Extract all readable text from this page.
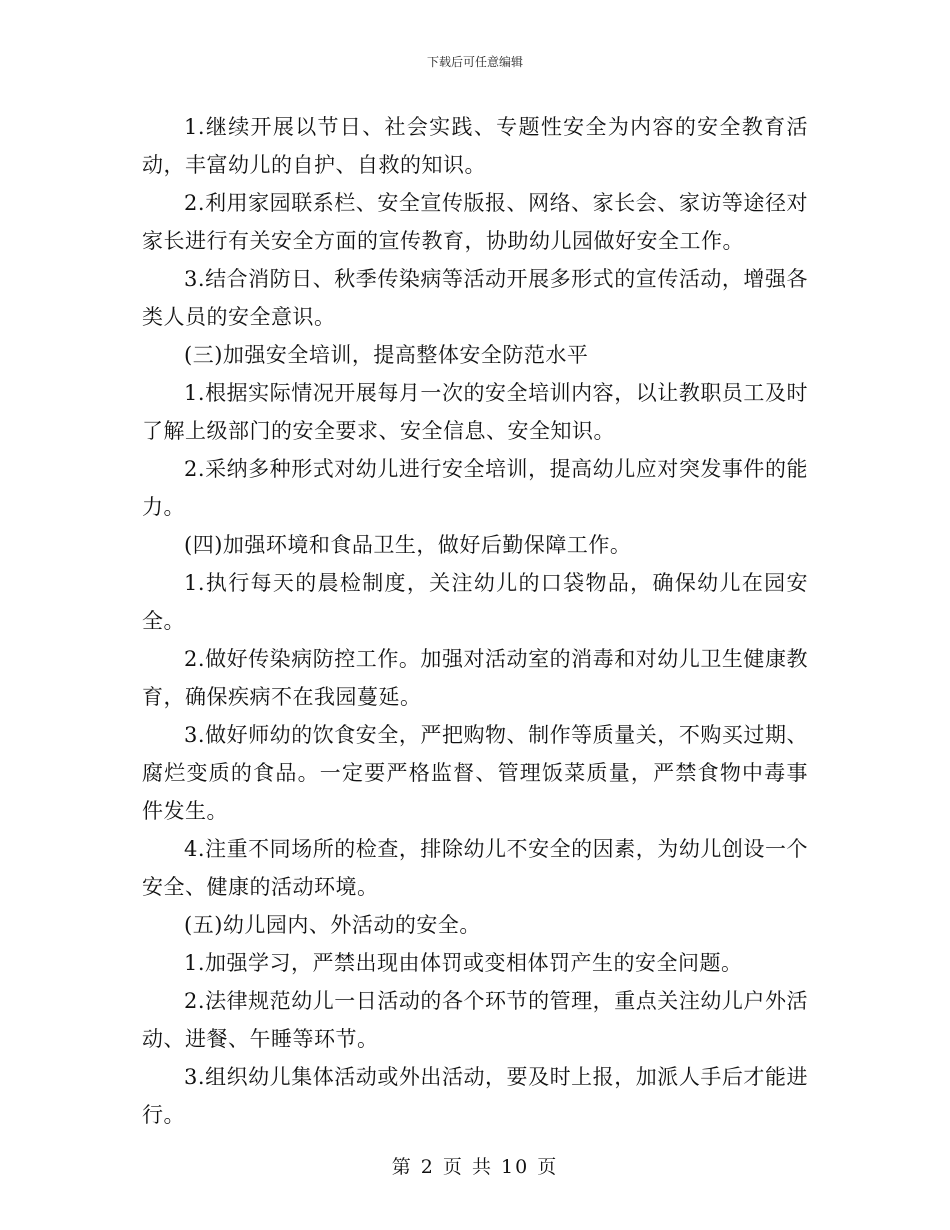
下载后可任意编辑

1.继续开展以节日、社会实践、专题性安全为内容的安全教育活动，丰富幼儿的自护、自救的知识。

2.利用家园联系栏、安全宣传版报、网络、家长会、家访等途径对家长进行有关安全方面的宣传教育，协助幼儿园做好安全工作。

3.结合消防日、秋季传染病等活动开展多形式的宣传活动，增强各类人员的安全意识。

(三)加强安全培训，提高整体安全防范水平

1.根据实际情况开展每月一次的安全培训内容，以让教职员工及时了解上级部门的安全要求、安全信息、安全知识。

2.采纳多种形式对幼儿进行安全培训，提高幼儿应对突发事件的能力。

(四)加强环境和食品卫生，做好后勤保障工作。

1.执行每天的晨检制度，关注幼儿的口袋物品，确保幼儿在园安全。

2.做好传染病防控工作。加强对活动室的消毒和对幼儿卫生健康教育，确保疾病不在我园蔓延。

3.做好师幼的饮食安全，严把购物、制作等质量关，不购买过期、腐烂变质的食品。一定要严格监督、管理饭菜质量，严禁食物中毒事件发生。

4.注重不同场所的检查，排除幼儿不安全的因素，为幼儿创设一个安全、健康的活动环境。

(五)幼儿园内、外活动的安全。

1.加强学习，严禁出现由体罚或变相体罚产生的安全问题。

2.法律规范幼儿一日活动的各个环节的管理，重点关注幼儿户外活动、进餐、午睡等环节。

3.组织幼儿集体活动或外出活动，要及时上报，加派人手后才能进行。

第 2 页 共 10 页
